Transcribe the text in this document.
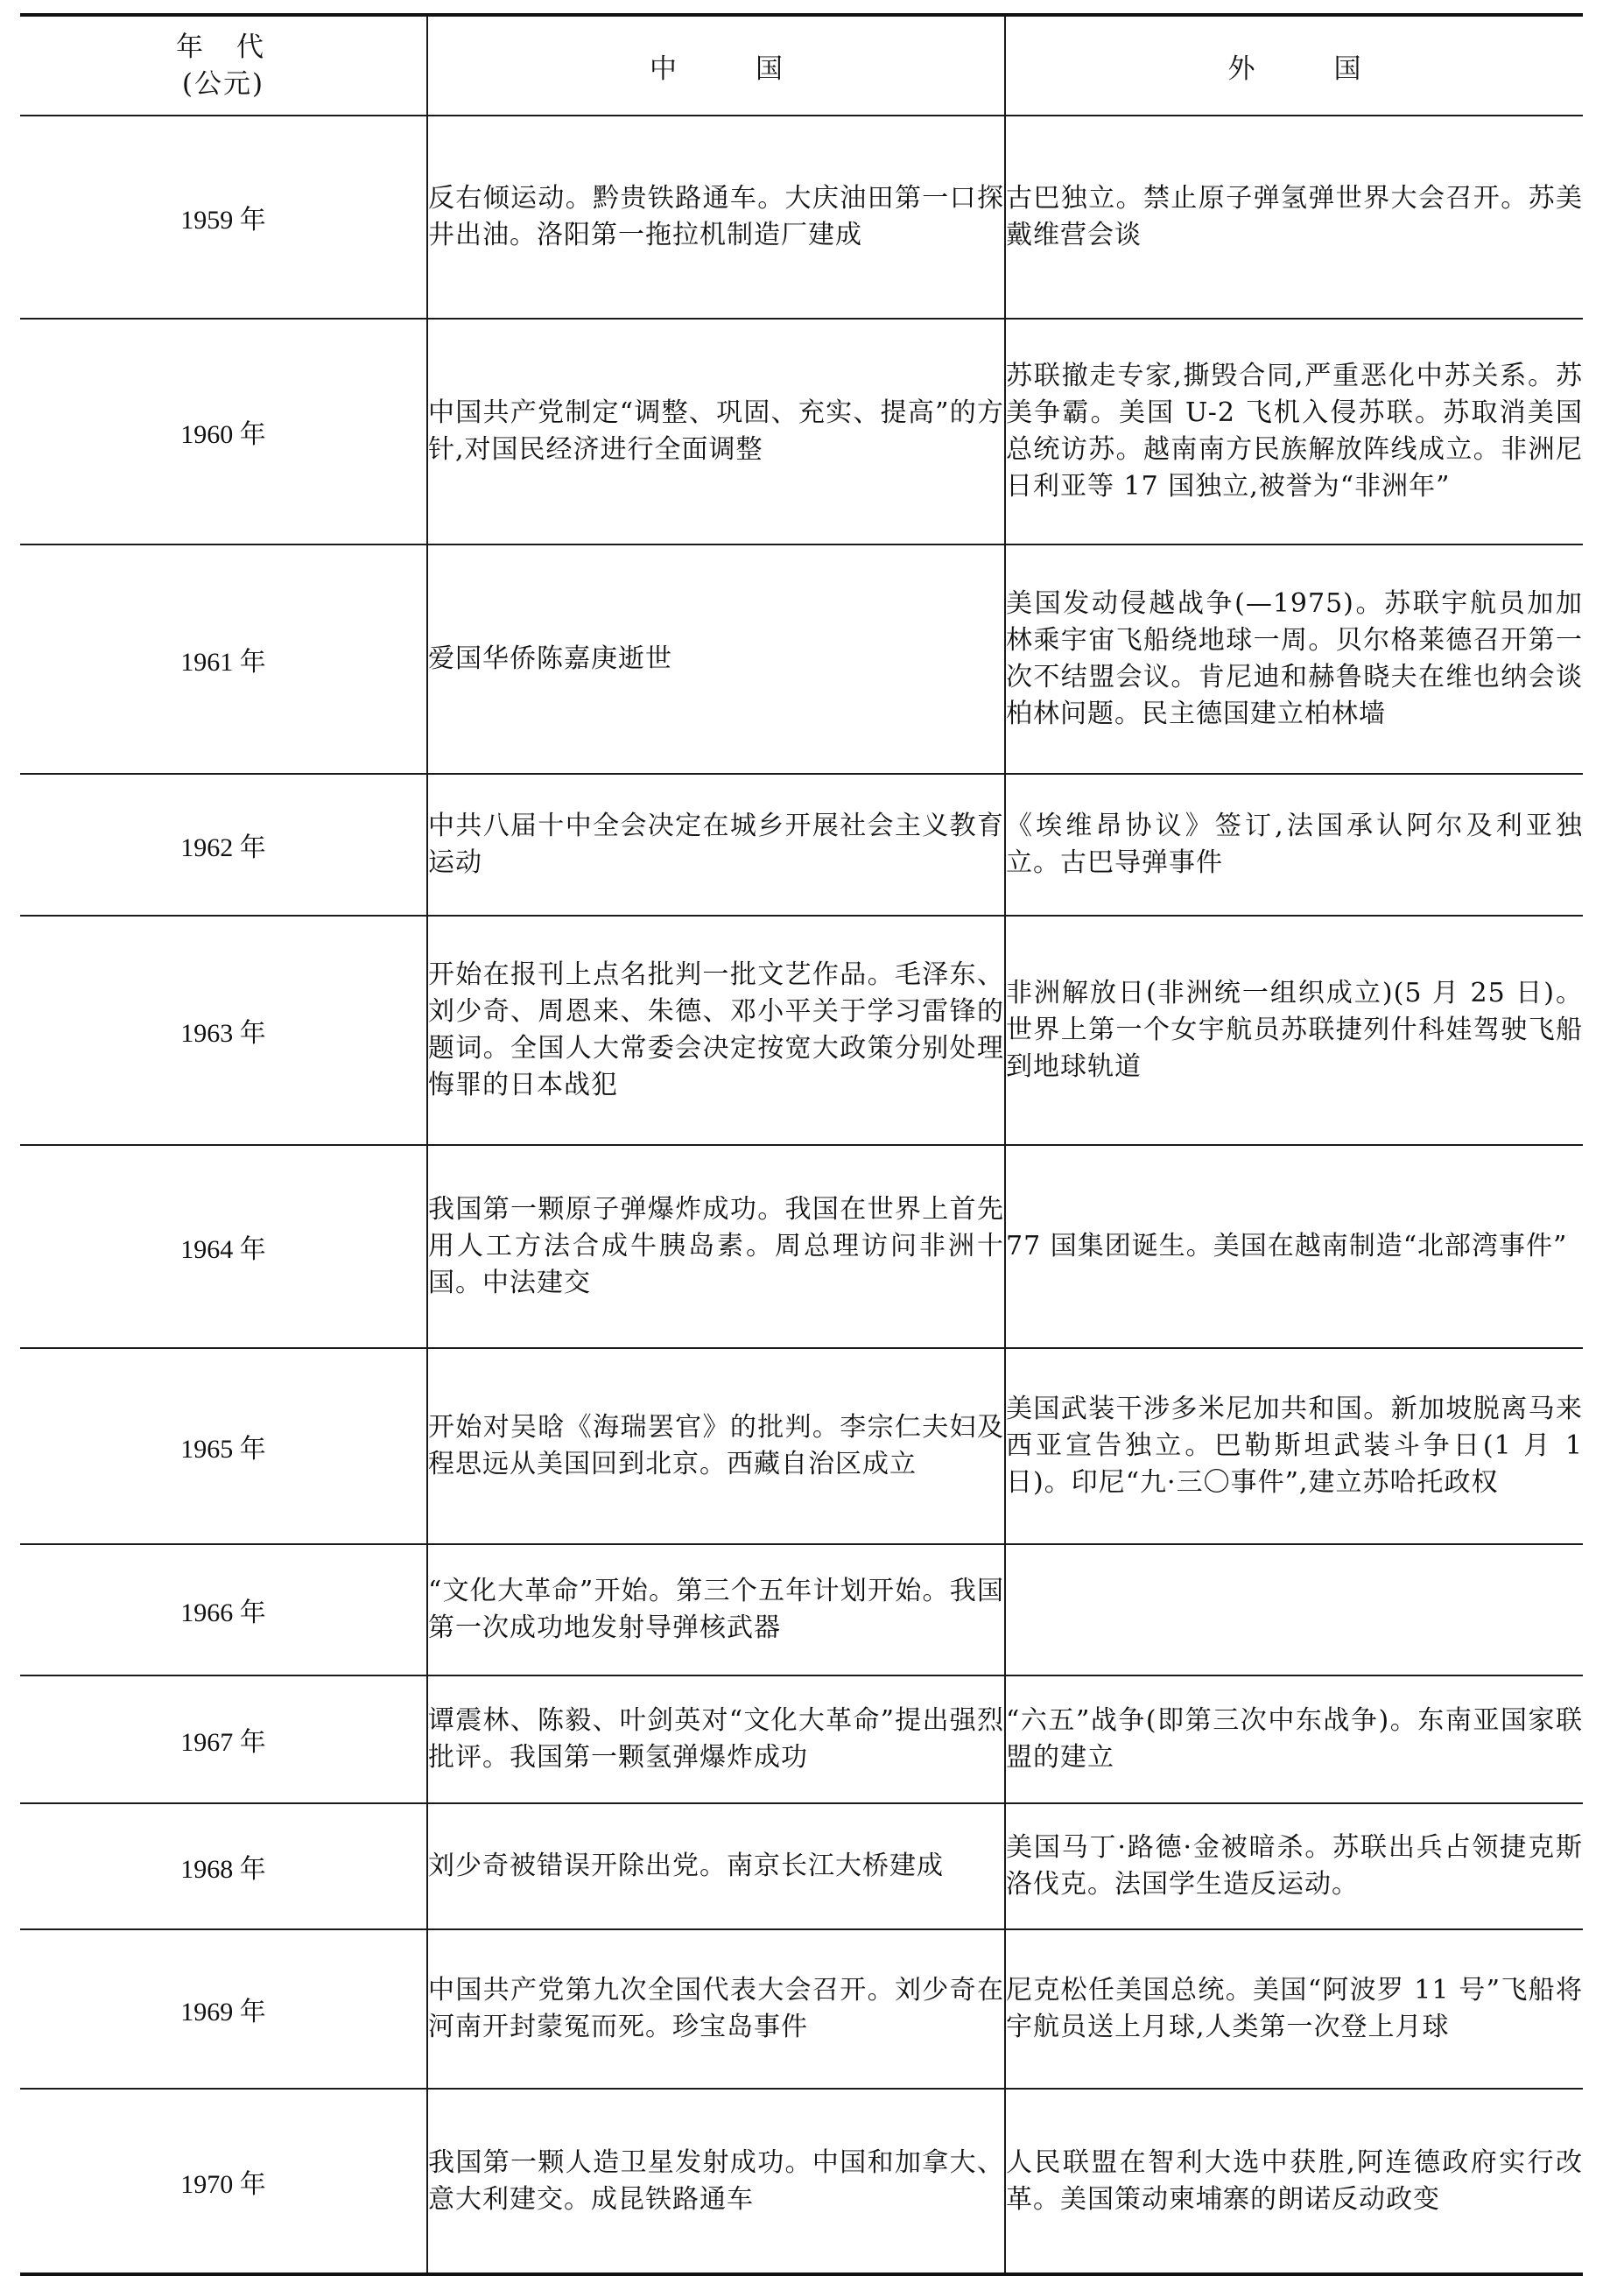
年代
(公元)	中国	外国
1959 年	反右倾运动。黔贵铁路通车。大庆油田第一口探井出油。洛阳第一拖拉机制造厂建成	古巴独立。禁止原子弹氢弹世界大会召开。苏美戴维营会谈

1960 年	中国共产党制定“调整、巩固、充实、提高”的方针,对国民经济进行全面调整	苏联撤走专家,撕毁合同,严重恶化中苏关系。苏美争霸。美国 U-2 飞机入侵苏联。苏取消美国总统访苏。越南南方民族解放阵线成立。非洲尼日利亚等 17 国独立,被誉为“非洲年”

1961 年	爱国华侨陈嘉庚逝世	美国发动侵越战争(—1975)。苏联宇航员加加林乘宇宙飞船绕地球一周。贝尔格莱德召开第一次不结盟会议。肯尼迪和赫鲁晓夫在维也纳会谈柏林问题。民主德国建立柏林墙

1962 年	中共八届十中全会决定在城乡开展社会主义教育运动	《埃维昂协议》签订,法国承认阿尔及利亚独立。古巴导弹事件

1963 年	开始在报刊上点名批判一批文艺作品。毛泽东、刘少奇、周恩来、朱德、邓小平关于学习雷锋的题词。全国人大常委会决定按宽大政策分别处理悔罪的日本战犯	非洲解放日(非洲统一组织成立)(5 月 25 日)。世界上第一个女宇航员苏联捷列什科娃驾驶飞船到地球轨道

1964 年	我国第一颗原子弹爆炸成功。我国在世界上首先用人工方法合成牛胰岛素。周总理访问非洲十国。中法建交	77 国集团诞生。美国在越南制造“北部湾事件”

1965 年	开始对吴晗《海瑞罢官》的批判。李宗仁夫妇及程思远从美国回到北京。西藏自治区成立	美国武装干涉多米尼加共和国。新加坡脱离马来西亚宣告独立。巴勒斯坦武装斗争日(1 月 1 日)。印尼“九·三〇事件”,建立苏哈托政权

1966 年	“文化大革命”开始。第三个五年计划开始。我国第一次成功地发射导弹核武器	

1967 年	谭震林、陈毅、叶剑英对“文化大革命”提出强烈批评。我国第一颗氢弹爆炸成功	“六五”战争(即第三次中东战争)。东南亚国家联盟的建立

1968 年	刘少奇被错误开除出党。南京长江大桥建成	美国马丁·路德·金被暗杀。苏联出兵占领捷克斯洛伐克。法国学生造反运动。

1969 年	中国共产党第九次全国代表大会召开。刘少奇在河南开封蒙冤而死。珍宝岛事件	尼克松任美国总统。美国“阿波罗 11 号”飞船将宇航员送上月球,人类第一次登上月球

1970 年	我国第一颗人造卫星发射成功。中国和加拿大、意大利建交。成昆铁路通车	人民联盟在智利大选中获胜,阿连德政府实行改革。美国策动柬埔寨的朗诺反动政变
